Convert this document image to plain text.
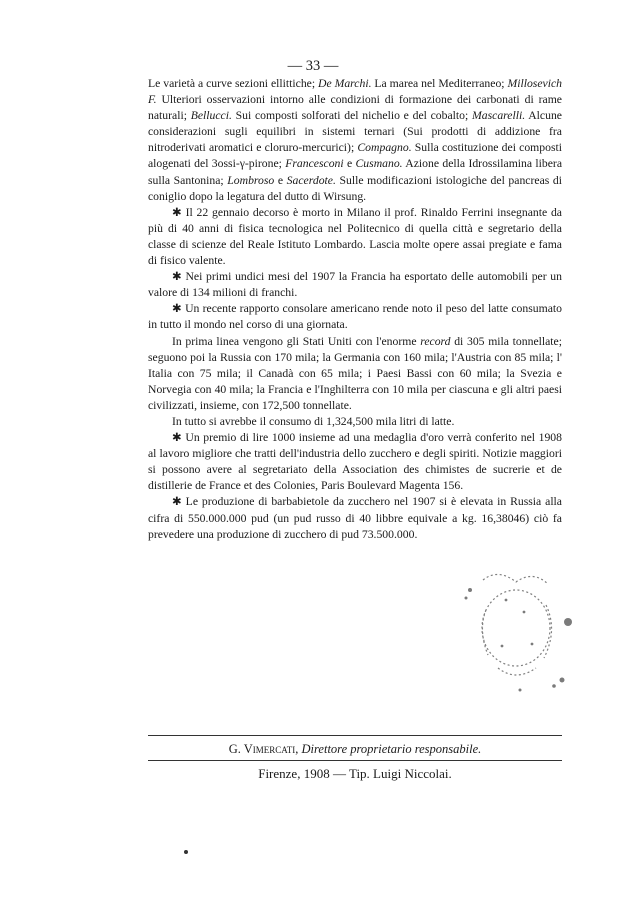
— 33 —

Le varietà a curve sezioni ellittiche; De Marchi. La marea nel Mediterraneo; Millosevich F. Ulteriori osservazioni intorno alle condizioni di formazione dei carbonati di rame naturali; Bellucci. Sui composti solforati del nichelio e del cobalto; Mascarelli. Alcune considerazioni sugli equilibri in sistemi ternari (Sui prodotti di addizione fra nitroderivati aromatici e cloruro-mercurici); Compagno. Sulla costituzione dei composti alogenati del 3ossi-γ-pirone; Francesconi e Cusmano. Azione della Idrossilamina libera sulla Santonina; Lombroso e Sacerdote. Sulle modificazioni istologiche del pancreas di coniglio dopo la legatura del dutto di Wirsung.

✱ Il 22 gennaio decorso è morto in Milano il prof. Rinaldo Ferrini insegnante da più di 40 anni di fisica tecnologica nel Politecnico di quella città e segretario della classe di scienze del Reale Istituto Lombardo. Lascia molte opere assai pregiate e fama di fisico valente.

✱ Nei primi undici mesi del 1907 la Francia ha esportato delle automobili per un valore di 134 milioni di franchi.

✱ Un recente rapporto consolare americano rende noto il peso del latte consumato in tutto il mondo nel corso di una giornata.

In prima linea vengono gli Stati Uniti con l'enorme record di 305 mila tonnellate; seguono poi la Russia con 170 mila; la Germania con 160 mila; l'Austria con 85 mila; l' Italia con 75 mila; il Canadà con 65 mila; i Paesi Bassi con 60 mila; la Svezia e Norvegia con 40 mila; la Francia e l'Inghilterra con 10 mila per ciascuna e gli altri paesi civilizzati, insieme, con 172,500 tonnellate.

In tutto si avrebbe il consumo di 1,324,500 mila litri di latte.

✱ Un premio di lire 1000 insieme ad una medaglia d'oro verrà conferito nel 1908 al lavoro migliore che tratti dell'industria dello zucchero e degli spiriti. Notizie maggiori si possono avere al segretariato della Association des chimistes de sucrerie et de distillerie de France et des Colonies, Paris Boulevard Magenta 156.

✱ Le produzione di barbabietole da zucchero nel 1907 si è elevata in Russia alla cifra di 550.000.000 pud (un pud russo di 40 libbre equivale a kg. 16,38046) ciò fa prevedere una produzione di zucchero di pud 73.500.000.

G. Vimercati, Direttore proprietario responsabile.
Firenze, 1908 — Tip. Luigi Niccolai.
